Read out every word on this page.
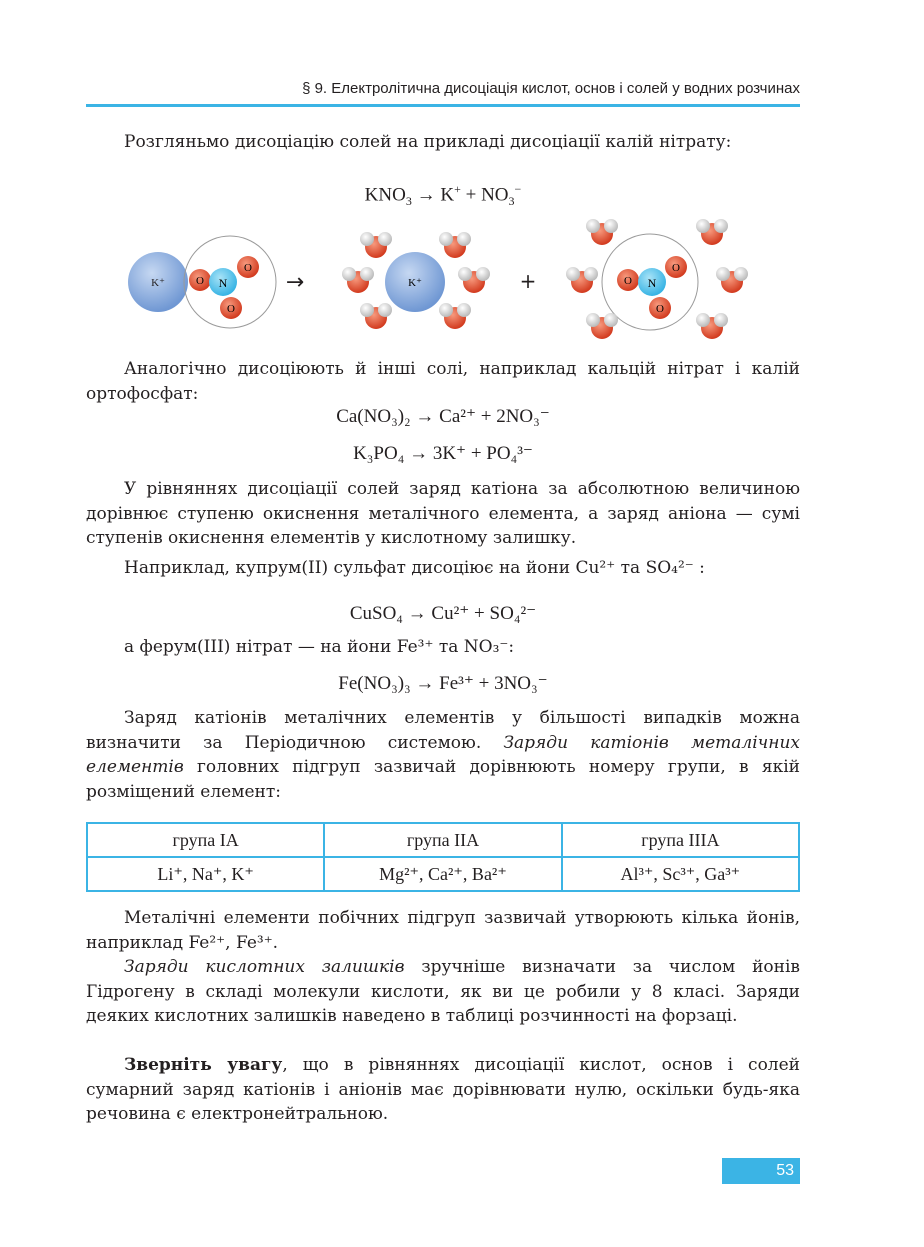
§ 9. Електролітична дисоціація кислот, основ і солей у водних розчинах
Розгляньмо дисоціацію солей на прикладі дисоціації калій нітрату:
$KNO_3 \to K^+ + NO_3^-$
K⁺	O N
O
O
→	K⁺	+	O N
O
O
Аналогічно дисоціюють й інші солі, наприклад кальцій нітрат і калій ортофосфат:
Ca(NO₃)₂ → Ca²⁺ + 2NO₃⁻
K₃PO₄ → 3K⁺ + PO₄³⁻
У рівняннях дисоціації солей заряд катіона за абсолютною величиною дорівнює ступеню окиснення металічного елемента, а заряд аніона — сумі ступенів окиснення елементів у кислотному залишку.
Наприклад, купрум(ІІ) сульфат дисоціює на йони Cu²⁺ та SO₄²⁻ :
CuSO₄ → Cu²⁺ + SO₄²⁻
а ферум(ІІІ) нітрат — на йони Fe³⁺ та NO₃⁻:
Fe(NO₃)₃ → Fe³⁺ + 3NO₃⁻
Заряд катіонів металічних елементів у більшості випадків можна визначити за Періодичною системою. Заряди катіонів металічних елементів головних підгруп зазвичай дорівнюють номеру групи, в якій розміщений елемент:
група IA	група IIA	група IIIA
Li⁺, Na⁺, K⁺	Mg²⁺, Ca²⁺, Ba²⁺	Al³⁺, Sc³⁺, Ga³⁺
Металічні елементи побічних підгруп зазвичай утворюють кілька йонів, наприклад Fe²⁺, Fe³⁺.
Заряди кислотних залишків зручніше визначати за числом йонів Гідрогену в складі молекули кислоти, як ви це робили у 8 класі. Заряди деяких кислотних залишків наведено в таблиці розчинності на форзаці.
Зверніть увагу, що в рівняннях дисоціації кислот, основ і солей сумарний заряд катіонів і аніонів має дорівнювати нулю, оскільки будь-яка речовина є електронейтральною.
53
